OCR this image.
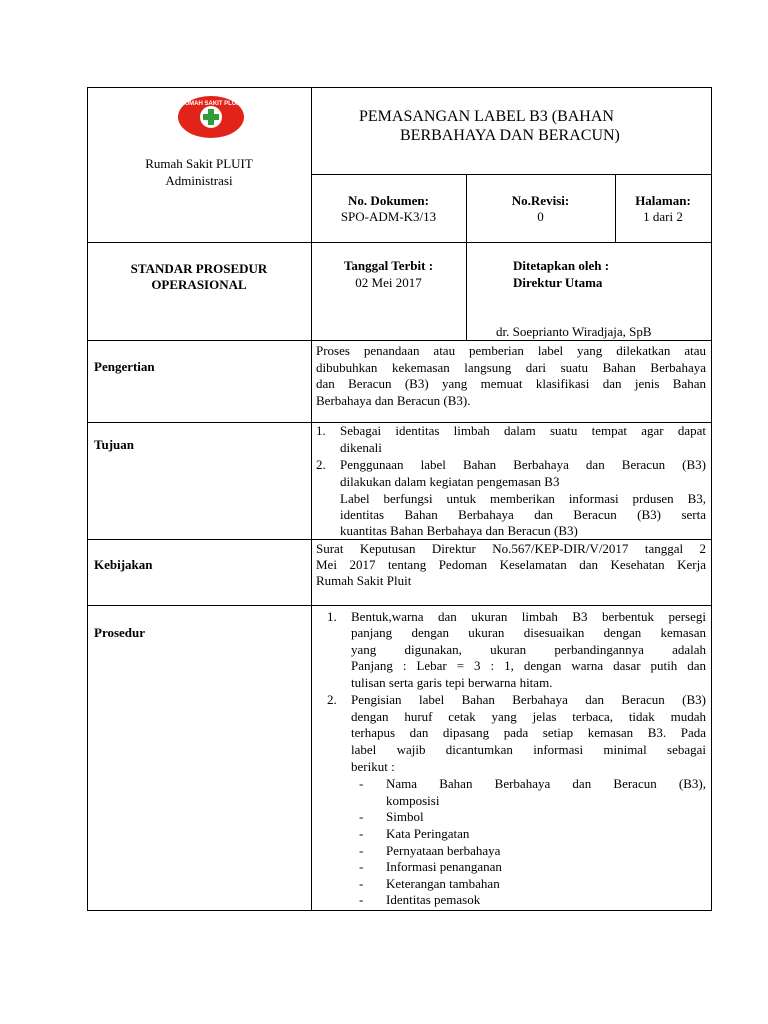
RUMAH SAKIT PLUIT
Rumah Sakit PLUIT
Administrasi
PEMASANGAN LABEL B3 (BAHAN
BERBAHAYA DAN BERACUN)
No. Dokumen:
SPO-ADM-K3/13
No.Revisi:
0
Halaman:
1 dari 2
STANDAR PROSEDUR
OPERASIONAL
Tanggal Terbit :
02 Mei 2017
Ditetapkan oleh :
Direktur Utama
dr. Soeprianto Wiradjaja, SpB
Pengertian
Proses penandaan atau pemberian label yang dilekatkan atau
dibubuhkan kekemasan langsung dari suatu Bahan Berbahaya
dan Beracun (B3) yang memuat klasifikasi dan jenis Bahan
Berbahaya dan Beracun (B3).
Tujuan
1. Sebagai identitas limbah dalam suatu tempat agar dapat
dikenali
2. Penggunaan label Bahan Berbahaya dan Beracun (B3)
dilakukan dalam kegiatan pengemasan B3
Label berfungsi untuk memberikan informasi prdusen B3,
identitas Bahan Berbahaya dan Beracun (B3) serta
kuantitas Bahan Berbahaya dan Beracun (B3)
Kebijakan
Surat Keputusan Direktur No.567/KEP-DIR/V/2017 tanggal 2
Mei 2017 tentang Pedoman Keselamatan dan Kesehatan Kerja
Rumah Sakit Pluit
Prosedur
1. Bentuk,warna dan ukuran limbah B3 berbentuk persegi
panjang dengan ukuran disesuaikan dengan kemasan
yang digunakan, ukuran perbandingannya adalah
Panjang : Lebar = 3 : 1, dengan warna dasar putih dan
tulisan serta garis tepi berwarna hitam.
2. Pengisian label Bahan Berbahaya dan Beracun (B3)
dengan huruf cetak yang jelas terbaca, tidak mudah
terhapus dan dipasang pada setiap kemasan B3. Pada
label wajib dicantumkan informasi minimal sebagai
berikut :
- Nama Bahan Berbahaya dan Beracun (B3),
komposisi
- Simbol
- Kata Peringatan
- Pernyataan berbahaya
- Informasi penanganan
- Keterangan tambahan
- Identitas pemasok
